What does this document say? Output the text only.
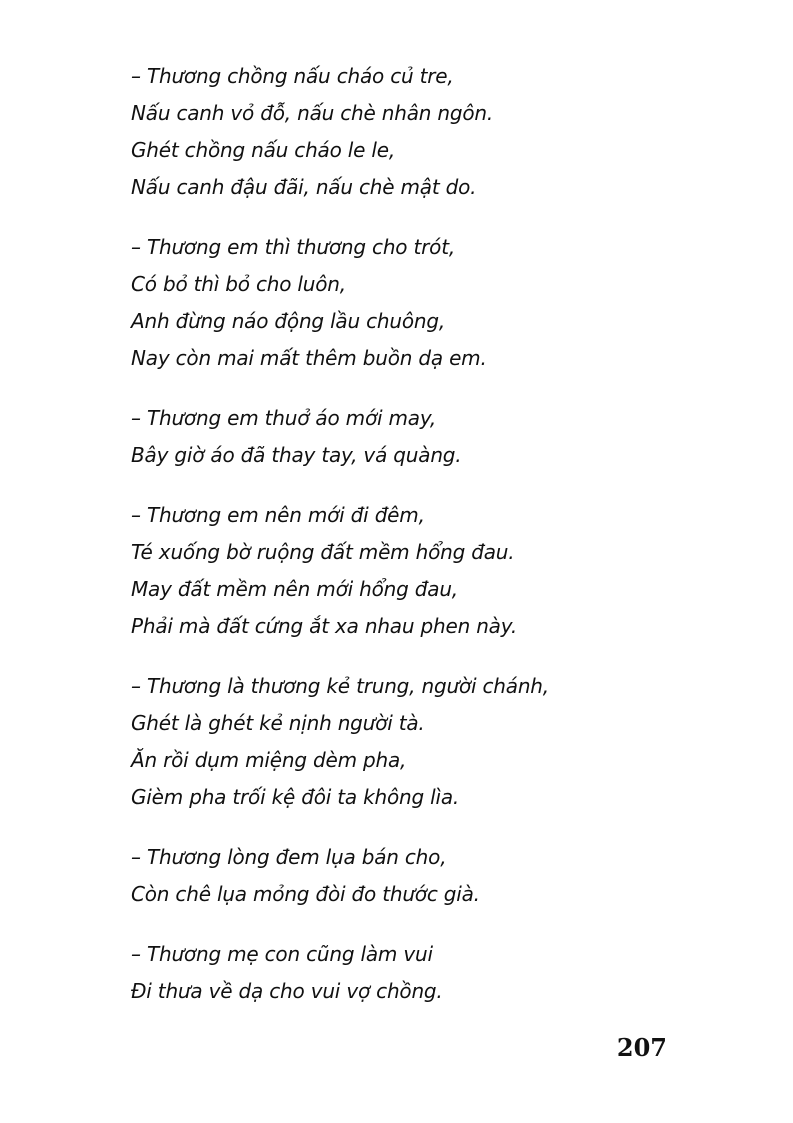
– Thương chồng nấu cháo củ tre,
Nấu canh vỏ đỗ, nấu chè nhân ngôn.
Ghét chồng nấu cháo le le,
Nấu canh đậu đãi, nấu chè mật do.
– Thương em thì thương cho trót,
Có bỏ thì bỏ cho luôn,
Anh đừng náo động lầu chuông,
Nay còn mai mất thêm buồn dạ em.
– Thương em thuở áo mới may,
Bây giờ áo đã thay tay, vá quàng.
– Thương em nên mới đi đêm,
Té xuống bờ ruộng đất mềm hổng đau.
May đất mềm nên mới hổng đau,
Phải mà đất cứng ắt xa nhau phen này.
– Thương là thương kẻ trung, người chánh,
Ghét là ghét kẻ nịnh người tà.
Ăn rồi dụm miệng dèm pha,
Gièm pha trối kệ đôi ta không lìa.
– Thương lòng đem lụa bán cho,
Còn chê lụa mỏng đòi đo thước già.
– Thương mẹ con cũng làm vui
Đi thưa về dạ cho vui vợ chồng.
207
